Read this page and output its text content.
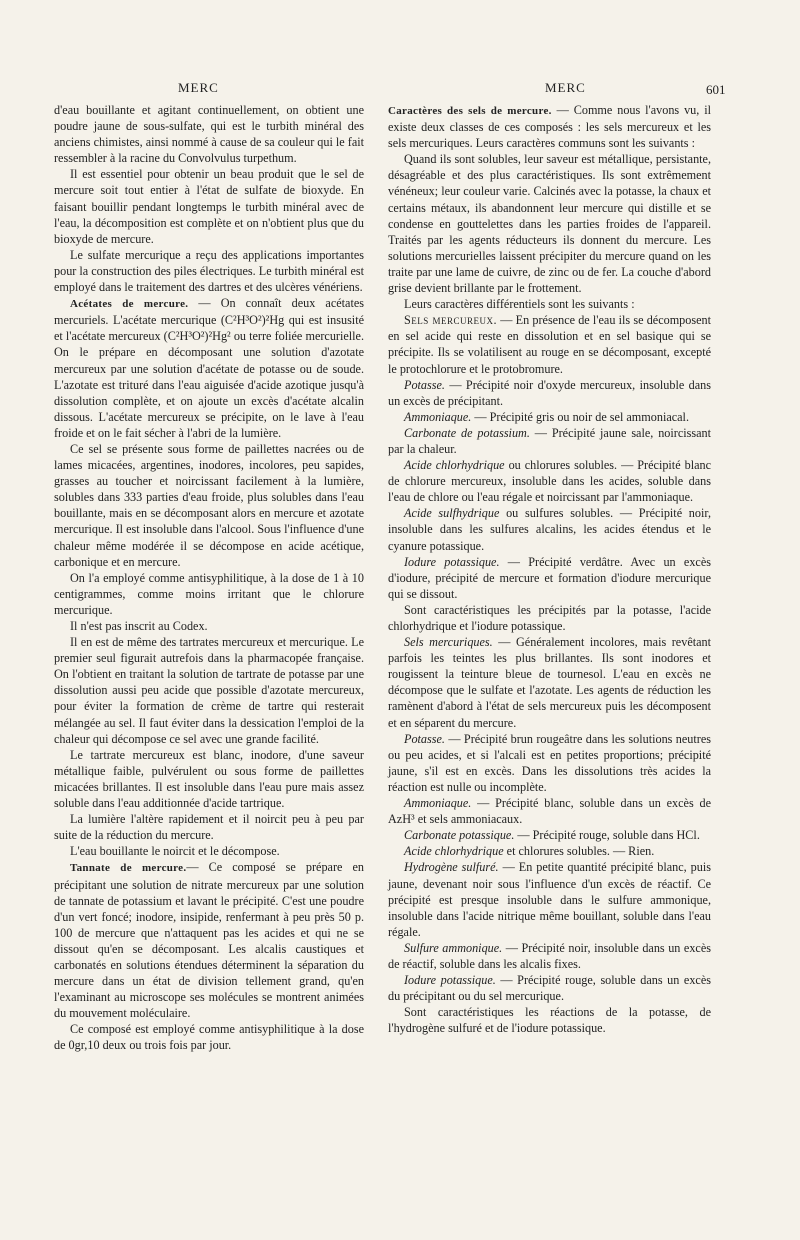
MERC	MERC	601

d'eau bouillante et agitant continuellement, on obtient une poudre jaune de sous-sulfate, qui est le turbith minéral des anciens chimistes, ainsi nommé à cause de sa couleur qui le fait ressembler à la racine du Convolvulus turpethum.

Il est essentiel pour obtenir un beau produit que le sel de mercure soit tout entier à l'état de sulfate de bioxyde. En faisant bouillir pendant longtemps le turbith minéral avec de l'eau, la décomposition est complète et on n'obtient plus que du bioxyde de mercure.

Le sulfate mercurique a reçu des applications importantes pour la construction des piles électriques. Le turbith minéral est employé dans le traitement des dartres et des ulcères vénériens.

Acétates de mercure. — On connaît deux acétates mercuriels. L'acétate mercurique (C²H³O²)²Hg qui est insusité et l'acétate mercureux (C²H³O²)²Hg² ou terre foliée mercurielle. On le prépare en décomposant une solution d'azotate mercureux par une solution d'acétate de potasse ou de soude. L'azotate est trituré dans l'eau aiguisée d'acide azotique jusqu'à dissolution complète, et on ajoute un excès d'acétate alcalin dissous. L'acétate mercureux se précipite, on le lave à l'eau froide et on le fait sécher à l'abri de la lumière.

Ce sel se présente sous forme de paillettes nacrées ou de lames micacées, argentines, inodores, incolores, peu sapides, grasses au toucher et noircissant facilement à la lumière, solubles dans 333 parties d'eau froide, plus solubles dans l'eau bouillante, mais en se décomposant alors en mercure et azotate mercurique. Il est insoluble dans l'alcool. Sous l'influence d'une chaleur même modérée il se décompose en acide acétique, carbonique et en mercure.

On l'a employé comme antisyphilitique, à la dose de 1 à 10 centigrammes, comme moins irritant que le chlorure mercurique.

Il n'est pas inscrit au Codex.

Il en est de même des tartrates mercureux et mercurique. Le premier seul figurait autrefois dans la pharmacopée française. On l'obtient en traitant la solution de tartrate de potasse par une dissolution aussi peu acide que possible d'azotate mercureux, pour éviter la formation de crème de tartre qui resterait mélangée au sel. Il faut éviter dans la dessication l'emploi de la chaleur qui décompose ce sel avec une grande facilité.

Le tartrate mercureux est blanc, inodore, d'une saveur métallique faible, pulvérulent ou sous forme de paillettes micacées brillantes. Il est insoluble dans l'eau pure mais assez soluble dans l'eau additionnée d'acide tartrique.

La lumière l'altère rapidement et il noircit peu à peu par suite de la réduction du mercure.

L'eau bouillante le noircit et le décompose.

Tannate de mercure.— Ce composé se prépare en précipitant une solution de nitrate mercureux par une solution de tannate de potassium et lavant le précipité. C'est une poudre d'un vert foncé; inodore, insipide, renfermant à peu près 50 p. 100 de mercure que n'attaquent pas les acides et qui ne se dissout qu'en se décomposant. Les alcalis caustiques et carbonatés en solutions étendues déterminent la séparation du mercure dans un état de division tellement grand, qu'en l'examinant au microscope ses molécules se montrent animées du mouvement moléculaire.

Ce composé est employé comme antisyphilitique à la dose de 0gr,10 deux ou trois fois par jour.

Caractères des sels de mercure. — Comme nous l'avons vu, il existe deux classes de ces composés : les sels mercureux et les sels mercuriques. Leurs caractères communs sont les suivants :

Quand ils sont solubles, leur saveur est métallique, persistante, désagréable et des plus caractéristiques. Ils sont extrêmement vénéneux; leur couleur varie. Calcinés avec la potasse, la chaux et certains métaux, ils abandonnent leur mercure qui distille et se condense en gouttelettes dans les parties froides de l'appareil. Traités par les agents réducteurs ils donnent du mercure. Les solutions mercurielles laissent précipiter du mercure quand on les traite par une lame de cuivre, de zinc ou de fer. La couche d'abord grise devient brillante par le frottement.

Leurs caractères différentiels sont les suivants :

Sels mercureux. — En présence de l'eau ils se décomposent en sel acide qui reste en dissolution et en sel basique qui se précipite. Ils se volatilisent au rouge en se décomposant, excepté le protochlorure et le protobromure.

Potasse. — Précipité noir d'oxyde mercureux, insoluble dans un excès de précipitant.

Ammoniaque. — Précipité gris ou noir de sel ammoniacal.

Carbonate de potassium. — Précipité jaune sale, noircissant par la chaleur.

Acide chlorhydrique ou chlorures solubles. — Précipité blanc de chlorure mercureux, insoluble dans les acides, soluble dans l'eau de chlore ou l'eau régale et noircissant par l'ammoniaque.

Acide sulfhydrique ou sulfures solubles. — Précipité noir, insoluble dans les sulfures alcalins, les acides étendus et le cyanure potassique.

Iodure potassique. — Précipité verdâtre. Avec un excès d'iodure, précipité de mercure et formation d'iodure mercurique qui se dissout.

Sont caractéristiques les précipités par la potasse, l'acide chlorhydrique et l'iodure potassique.

Sels mercuriques. — Généralement incolores, mais revêtant parfois les teintes les plus brillantes. Ils sont inodores et rougissent la teinture bleue de tournesol. L'eau en excès ne décompose que le sulfate et l'azotate. Les agents de réduction les ramènent d'abord à l'état de sels mercureux puis les décomposent et en séparent du mercure.

Potasse. — Précipité brun rougeâtre dans les solutions neutres ou peu acides, et si l'alcali est en petites proportions; précipité jaune, s'il est en excès. Dans les dissolutions très acides la réaction est nulle ou incomplète.

Ammoniaque. — Précipité blanc, soluble dans un excès de AzH³ et sels ammoniacaux.

Carbonate potassique. — Précipité rouge, soluble dans HCl.

Acide chlorhydrique et chlorures solubles. — Rien.

Hydrogène sulfuré. — En petite quantité précipité blanc, puis jaune, devenant noir sous l'influence d'un excès de réactif. Ce précipité est presque insoluble dans le sulfure ammonique, insoluble dans l'acide nitrique même bouillant, soluble dans l'eau régale.

Sulfure ammonique. — Précipité noir, insoluble dans un excès de réactif, soluble dans les alcalis fixes.

Iodure potassique. — Précipité rouge, soluble dans un excès du précipitant ou du sel mercurique.

Sont caractéristiques les réactions de la potasse, de l'hydrogène sulfuré et de l'iodure potassique.
